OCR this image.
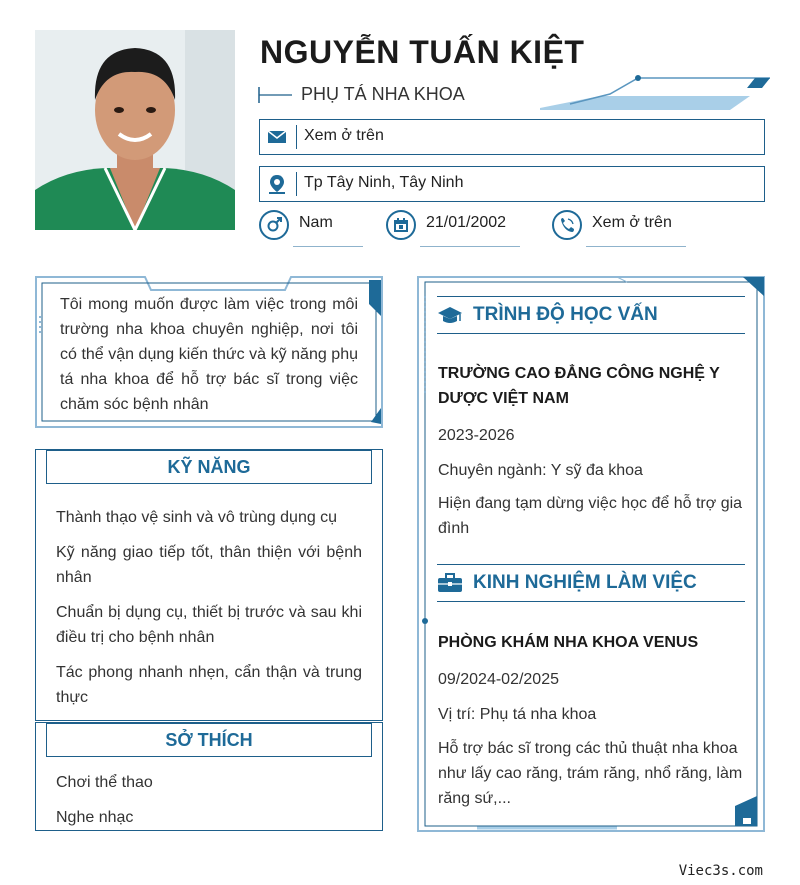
NGUYỄN TUẤN KIỆT
PHỤ TÁ NHA KHOA
Xem ở trên
Tp Tây Ninh, Tây Ninh
Nam	21/01/2002	Xem ở trên
Tôi mong muốn được làm việc trong môi trường nha khoa chuyên nghiệp, nơi tôi có thể vận dụng kiến thức và kỹ năng phụ tá nha khoa để hỗ trợ bác sĩ trong việc chăm sóc bệnh nhân
KỸ NĂNG
Thành thạo vệ sinh và vô trùng dụng cụ
Kỹ năng giao tiếp tốt, thân thiện với bệnh nhân
Chuẩn bị dụng cụ, thiết bị trước và sau khi điều trị cho bệnh nhân
Tác phong nhanh nhẹn, cẩn thận và trung thực
SỞ THÍCH
Chơi thể thao
Nghe nhạc
TRÌNH ĐỘ HỌC VẤN
TRƯỜNG CAO ĐẲNG CÔNG NGHỆ Y DƯỢC VIỆT NAM
2023-2026
Chuyên ngành: Y sỹ đa khoa
Hiện đang tạm dừng việc học để hỗ trợ gia đình
KINH NGHIỆM LÀM VIỆC
PHÒNG KHÁM NHA KHOA VENUS
09/2024-02/2025
Vị trí: Phụ tá nha khoa
Hỗ trợ bác sĩ trong các thủ thuật nha khoa như lấy cao răng, trám răng, nhổ răng, làm răng sứ,...
Viec3s.com
